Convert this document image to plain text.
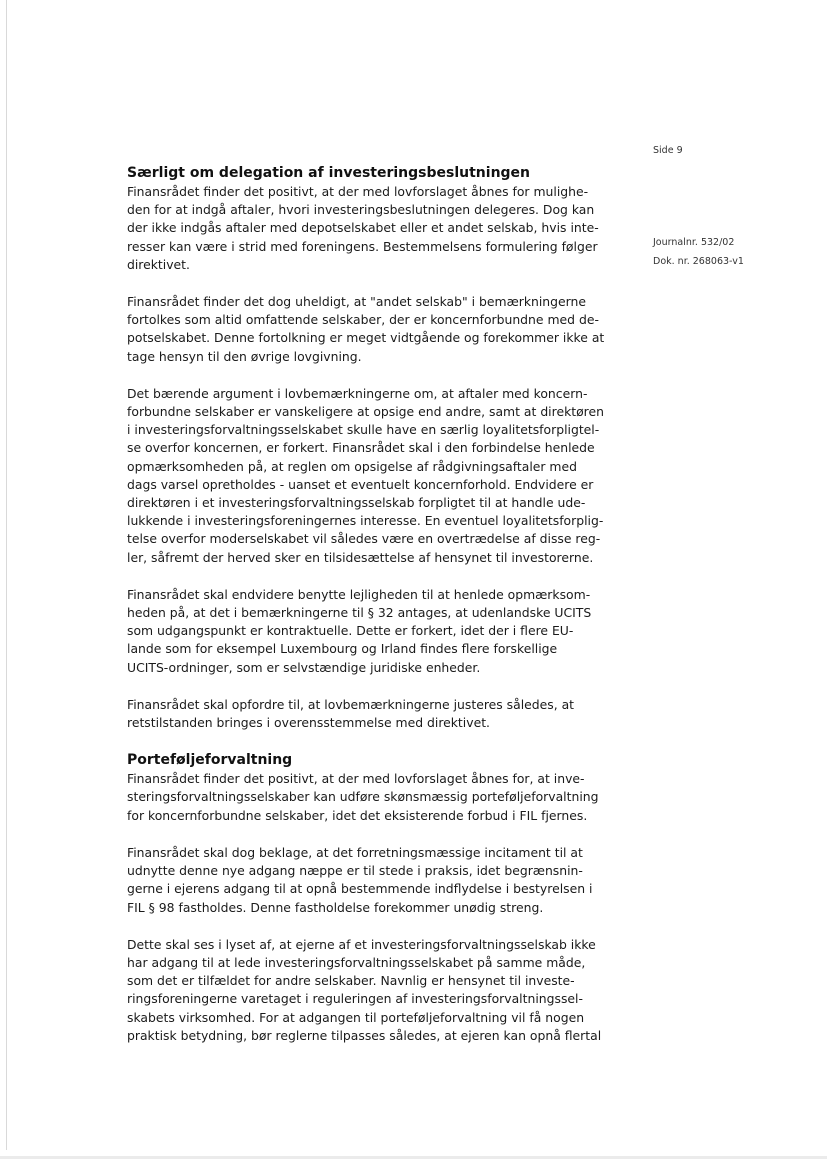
Side 9
Journalnr. 532/02
Dok. nr. 268063-v1
Særligt om delegation af investeringsbeslutningen

Finansrådet finder det positivt, at der med lovforslaget åbnes for mulighe-
den for at indgå aftaler, hvori investeringsbeslutningen delegeres. Dog kan
der ikke indgås aftaler med depotselskabet eller et andet selskab, hvis inte-
resser kan være i strid med foreningens. Bestemmelsens formulering følger
direktivet.

Finansrådet finder det dog uheldigt, at "andet selskab" i bemærkningerne
fortolkes som altid omfattende selskaber, der er koncernforbundne med de-
potselskabet. Denne fortolkning er meget vidtgående og forekommer ikke at
tage hensyn til den øvrige lovgivning.

Det bærende argument i lovbemærkningerne om, at aftaler med koncern-
forbundne selskaber er vanskeligere at opsige end andre, samt at direktøren
i investeringsforvaltningsselskabet skulle have en særlig loyalitetsforpligtel-
se overfor koncernen, er forkert. Finansrådet skal i den forbindelse henlede
opmærksomheden på, at reglen om opsigelse af rådgivningsaftaler med
dags varsel opretholdes - uanset et eventuelt koncernforhold. Endvidere er
direktøren i et investeringsforvaltningsselskab forpligtet til at handle ude-
lukkende i investeringsforeningernes interesse. En eventuel loyalitetsforplig-
telse overfor moderselskabet vil således være en overtrædelse af disse reg-
ler, såfremt der herved sker en tilsidesættelse af hensynet til investorerne.

Finansrådet skal endvidere benytte lejligheden til at henlede opmærksom-
heden på, at det i bemærkningerne til § 32 antages, at udenlandske UCITS
som udgangspunkt er kontraktuelle. Dette er forkert, idet der i flere EU-
lande som for eksempel Luxembourg og Irland findes flere forskellige
UCITS-ordninger, som er selvstændige juridiske enheder.

Finansrådet skal opfordre til, at lovbemærkningerne justeres således, at
retstilstanden bringes i overensstemmelse med direktivet.

Porteføljeforvaltning

Finansrådet finder det positivt, at der med lovforslaget åbnes for, at inve-
steringsforvaltningsselskaber kan udføre skønsmæssig porteføljeforvaltning
for koncernforbundne selskaber, idet det eksisterende forbud i FIL fjernes.

Finansrådet skal dog beklage, at det forretningsmæssige incitament til at
udnytte denne nye adgang næppe er til stede i praksis, idet begrænsnin-
gerne i ejerens adgang til at opnå bestemmende indflydelse i bestyrelsen i
FIL § 98 fastholdes. Denne fastholdelse forekommer unødig streng.

Dette skal ses i lyset af, at ejerne af et investeringsforvaltningsselskab ikke
har adgang til at lede investeringsforvaltningsselskabet på samme måde,
som det er tilfældet for andre selskaber. Navnlig er hensynet til investe-
ringsforeningerne varetaget i reguleringen af investeringsforvaltningssel-
skabets virksomhed. For at adgangen til porteføljeforvaltning vil få nogen
praktisk betydning, bør reglerne tilpasses således, at ejeren kan opnå flertal
